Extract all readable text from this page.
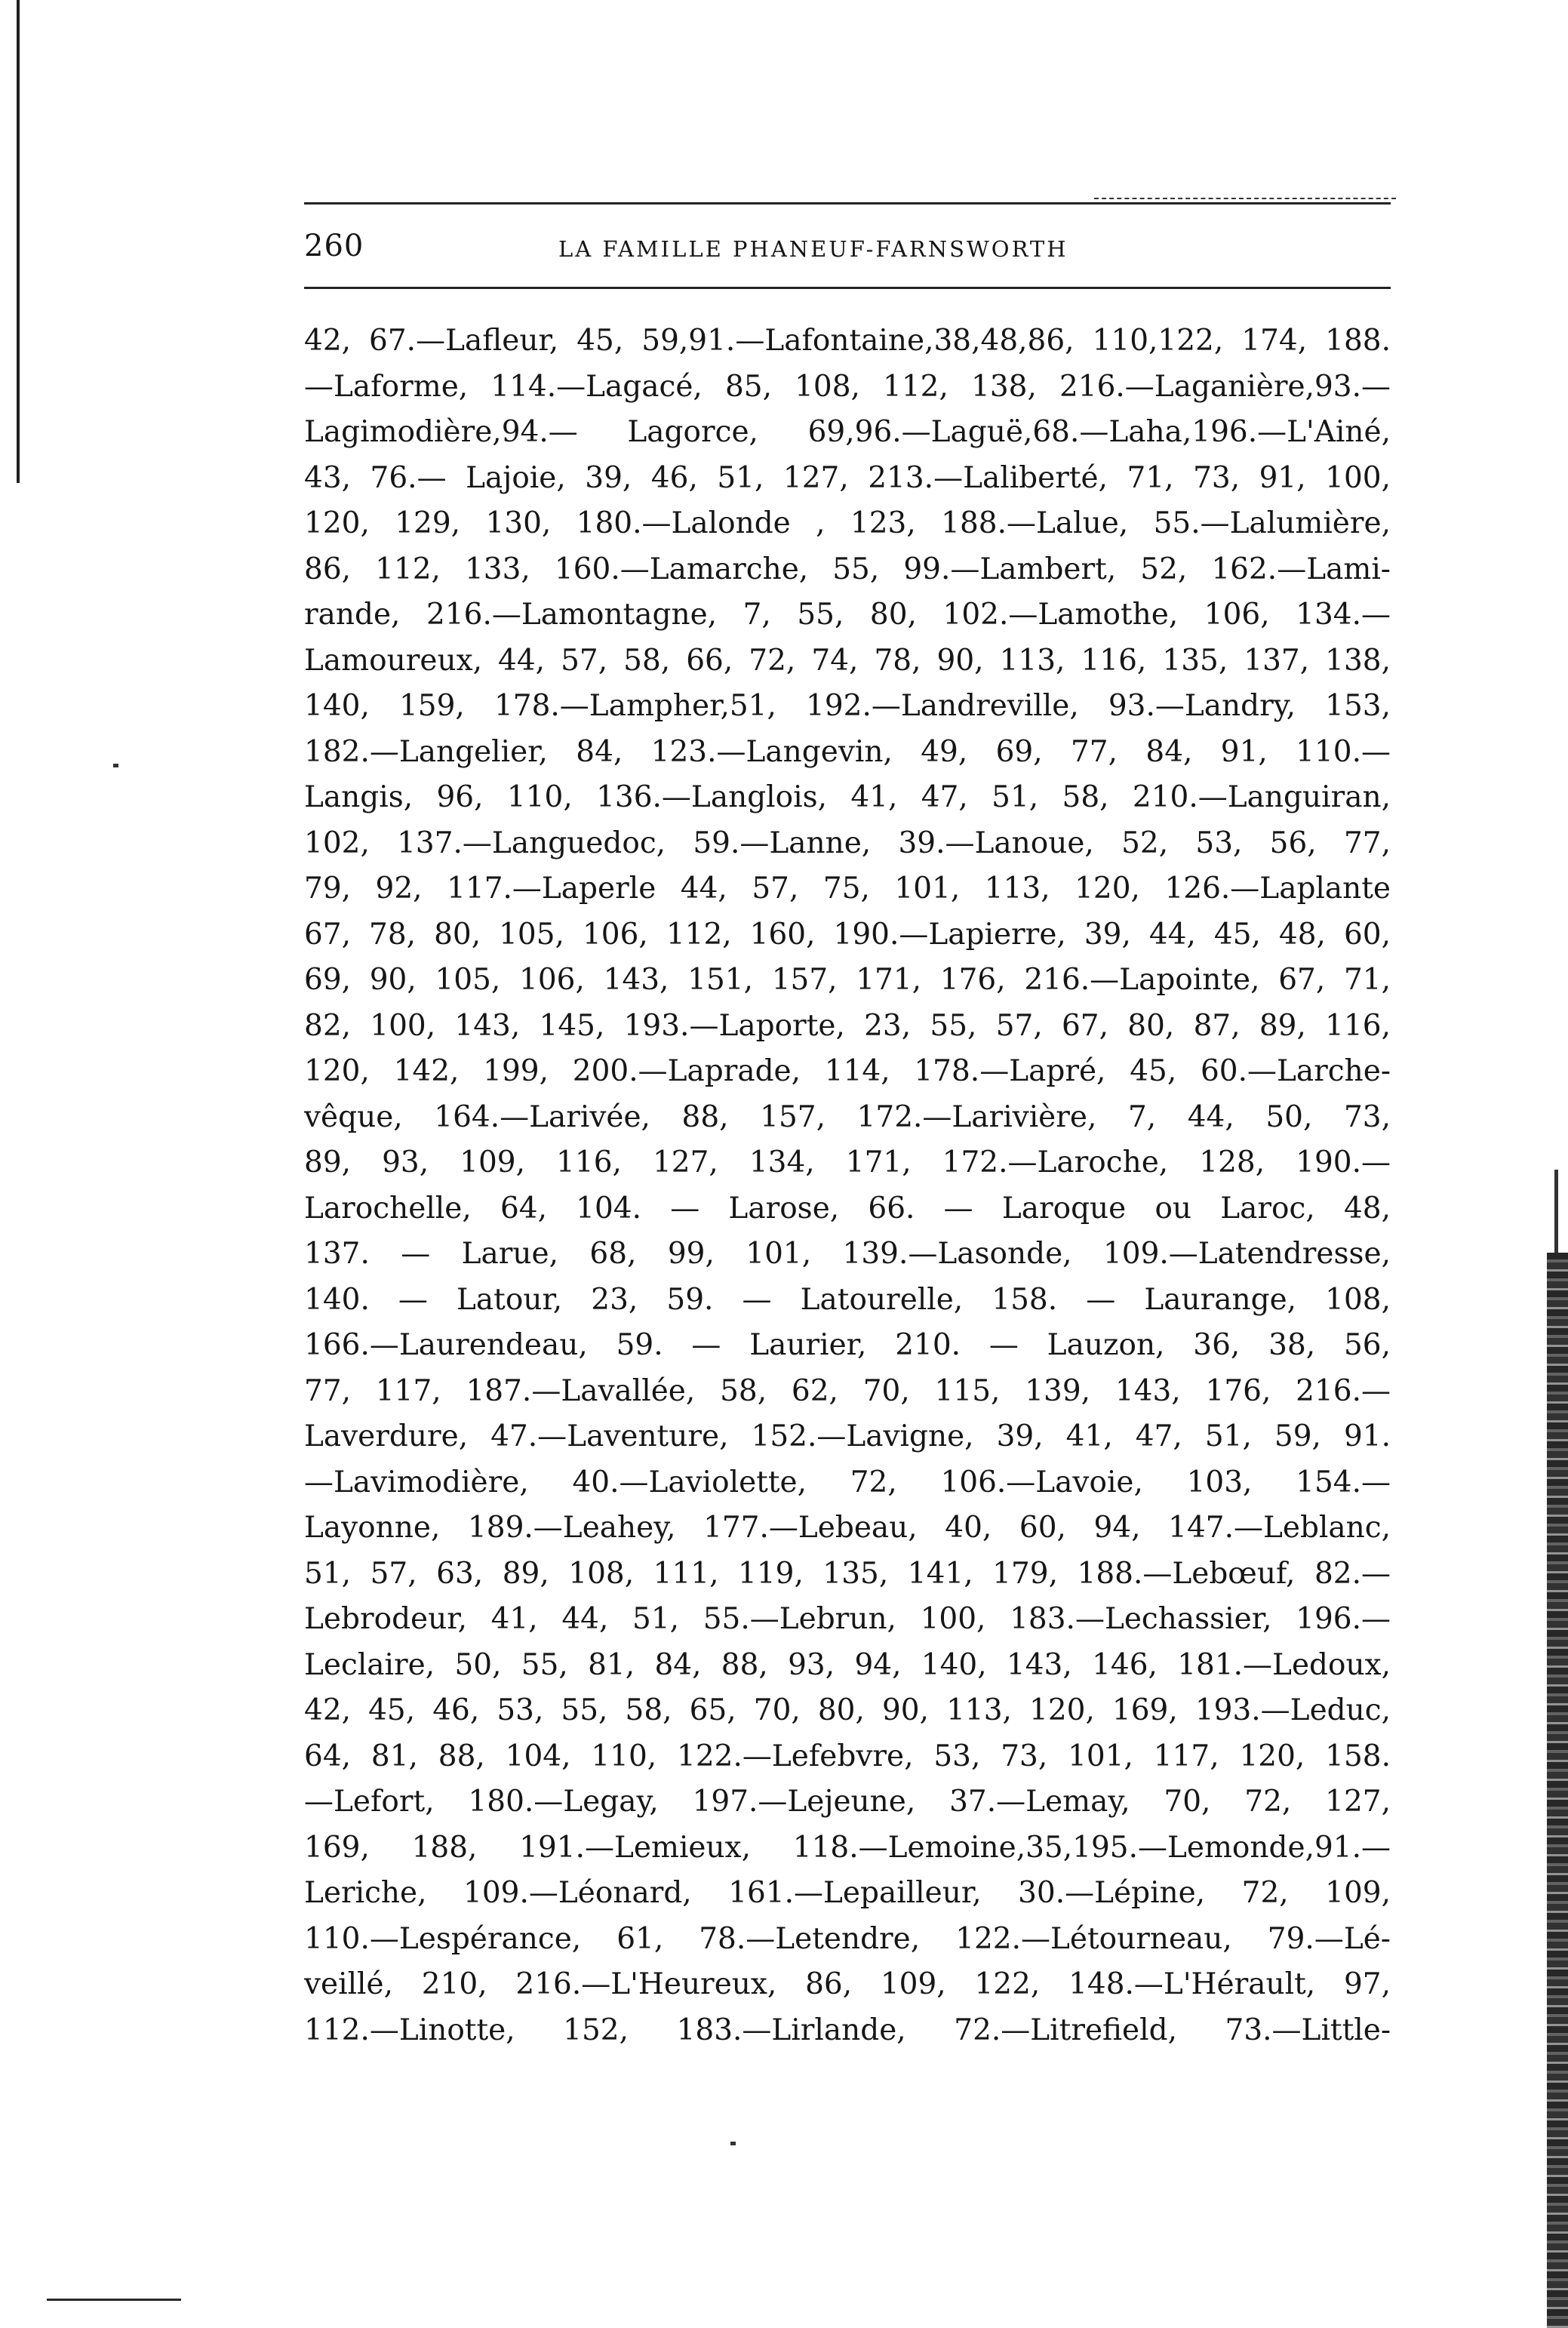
260	LA FAMILLE PHANEUF-FARNSWORTH
42, 67.—Lafleur, 45, 59,91.—Lafontaine,38,48,86, 110,122, 174, 188.
—Laforme, 114.—Lagacé, 85, 108, 112, 138, 216.—Laganière,93.—
Lagimodière,94.— Lagorce, 69,96.—Laguë,68.—Laha,196.—L'Ainé,
43, 76.— Lajoie, 39, 46, 51, 127, 213.—Laliberté, 71, 73, 91, 100,
120, 129, 130, 180.—Lalonde , 123, 188.—Lalue, 55.—Lalumière,
86, 112, 133, 160.—Lamarche, 55, 99.—Lambert, 52, 162.—Lami-
rande, 216.—Lamontagne, 7, 55, 80, 102.—Lamothe, 106, 134.—
Lamoureux, 44, 57, 58, 66, 72, 74, 78, 90, 113, 116, 135, 137, 138,
140, 159, 178.—Lampher,51, 192.—Landreville, 93.—Landry, 153,
182.—Langelier, 84, 123.—Langevin, 49, 69, 77, 84, 91, 110.—
Langis, 96, 110, 136.—Langlois, 41, 47, 51, 58, 210.—Languiran,
102, 137.—Languedoc, 59.—Lanne, 39.—Lanoue, 52, 53, 56, 77,
79, 92, 117.—Laperle 44, 57, 75, 101, 113, 120, 126.—Laplante
67, 78, 80, 105, 106, 112, 160, 190.—Lapierre, 39, 44, 45, 48, 60,
69, 90, 105, 106, 143, 151, 157, 171, 176, 216.—Lapointe, 67, 71,
82, 100, 143, 145, 193.—Laporte, 23, 55, 57, 67, 80, 87, 89, 116,
120, 142, 199, 200.—Laprade, 114, 178.—Lapré, 45, 60.—Larche-
vêque, 164.—Larivée, 88, 157, 172.—Larivière, 7, 44, 50, 73,
89, 93, 109, 116, 127, 134, 171, 172.—Laroche, 128, 190.—
Larochelle, 64, 104. — Larose, 66. — Laroque ou Laroc, 48,
137. — Larue, 68, 99, 101, 139.—Lasonde, 109.—Latendresse,
140. — Latour, 23, 59. — Latourelle, 158. — Laurange, 108,
166.—Laurendeau, 59. — Laurier, 210. — Lauzon, 36, 38, 56,
77, 117, 187.—Lavallée, 58, 62, 70, 115, 139, 143, 176, 216.—
Laverdure, 47.—Laventure, 152.—Lavigne, 39, 41, 47, 51, 59, 91.
—Lavimodière, 40.—Laviolette, 72, 106.—Lavoie, 103, 154.—
Layonne, 189.—Leahey, 177.—Lebeau, 40, 60, 94, 147.—Leblanc,
51, 57, 63, 89, 108, 111, 119, 135, 141, 179, 188.—Lebœuf, 82.—
Lebrodeur, 41, 44, 51, 55.—Lebrun, 100, 183.—Lechassier, 196.—
Leclaire, 50, 55, 81, 84, 88, 93, 94, 140, 143, 146, 181.—Ledoux,
42, 45, 46, 53, 55, 58, 65, 70, 80, 90, 113, 120, 169, 193.—Leduc,
64, 81, 88, 104, 110, 122.—Lefebvre, 53, 73, 101, 117, 120, 158.
—Lefort, 180.—Legay, 197.—Lejeune, 37.—Lemay, 70, 72, 127,
169, 188, 191.—Lemieux, 118.—Lemoine,35,195.—Lemonde,91.—
Leriche, 109.—Léonard, 161.—Lepailleur, 30.—Lépine, 72, 109,
110.—Lespérance, 61, 78.—Letendre, 122.—Létourneau, 79.—Lé-
veillé, 210, 216.—L'Heureux, 86, 109, 122, 148.—L'Hérault, 97,
112.—Linotte, 152, 183.—Lirlande, 72.—Litrefield, 73.—Little-
